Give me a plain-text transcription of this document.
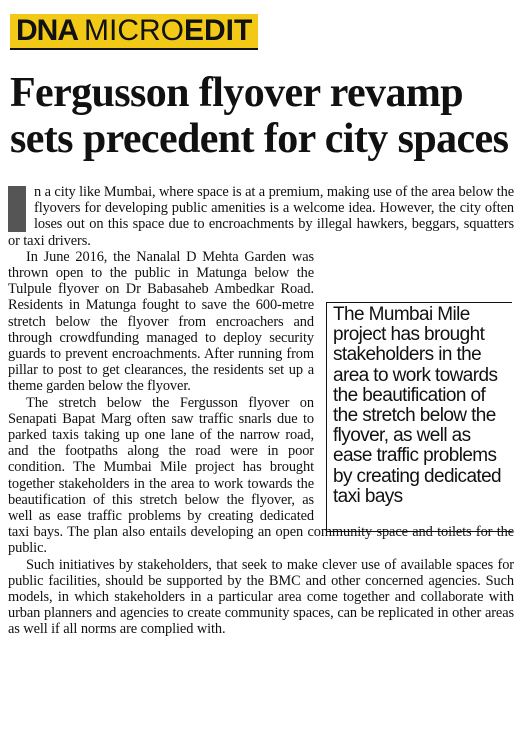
DNA MICRO EDIT
Fergusson flyover revamp sets precedent for city spaces

n a city like Mumbai, where space is at a premium, making use of the area below the flyovers for developing public amenities is a welcome idea. However, the city often loses out on this space due to encroachments by illegal hawkers, beggars, squatters or taxi drivers.

In June 2016, the Nanalal D Mehta Garden was thrown open to the public in Matunga below the Tulpule flyover on Dr Babasaheb Ambedkar Road. Residents in Matunga fought to save the 600-metre stretch below the flyover from encroachers and through crowdfunding managed to deploy security guards to prevent encroachments. After running from pillar to post to get clearances, the residents set up a theme garden below the flyover.

The stretch below the Fergusson flyover on Senapati Bapat Marg often saw traffic snarls due to parked taxis taking up one lane of the narrow road, and the footpaths along the road were in poor condition. The Mumbai Mile project has brought together stakeholders in the area to work towards the beautification of this stretch below the flyover, as well as ease traffic problems by creating dedicated taxi bays. The plan also entails developing an open community space and toilets for the public.

Such initiatives by stakeholders, that seek to make clever use of available spaces for public facilities, should be supported by the BMC and other concerned agencies. Such models, in which stakeholders in a particular area come together and collaborate with urban planners and agencies to create community spaces, can be replicated in other areas as well if all norms are complied with.

The Mumbai Mile project has brought stakeholders in the area to work towards the beautification of the stretch below the flyover, as well as ease traffic problems by creating dedicated taxi bays
